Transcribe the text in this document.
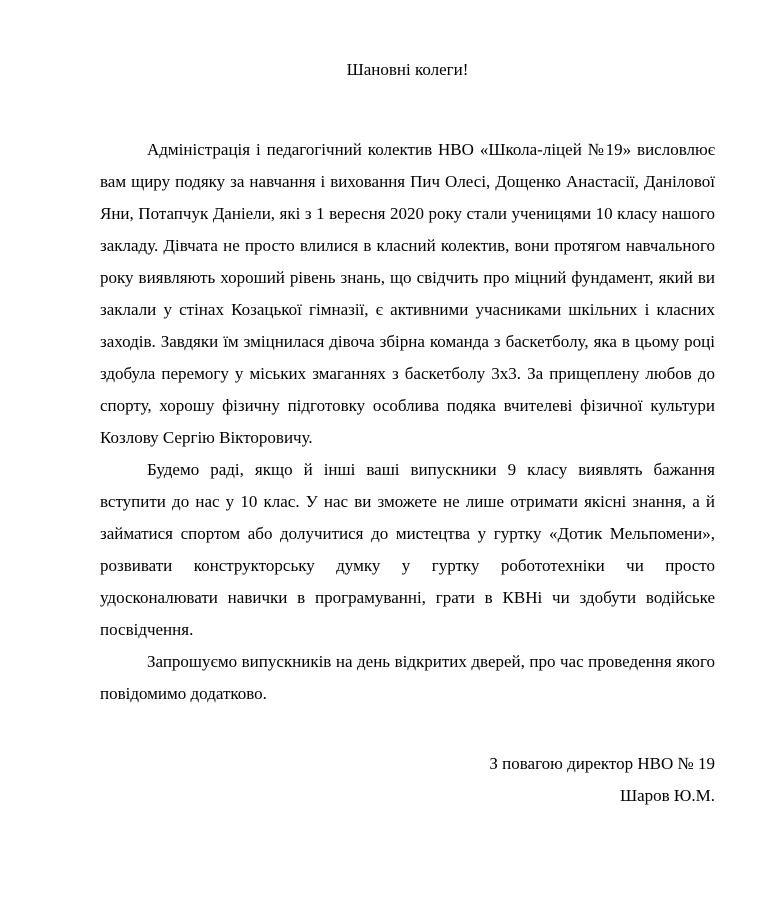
Шановні колеги!

Адміністрація і педагогічний колектив НВО «Школа-ліцей №19» висловлює вам щиру подяку за навчання і виховання Пич Олесі, Дощенко Анастасії, Данілової Яни, Потапчук Даніели, які з 1 вересня 2020 року стали ученицями 10 класу нашого закладу. Дівчата не просто влилися в класний колектив, вони протягом навчального року виявляють хороший рівень знань, що свідчить про міцний фундамент, який ви заклали у стінах Козацької гімназії, є активними учасниками шкільних і класних заходів. Завдяки їм зміцнилася дівоча збірна команда з баскетболу, яка в цьому році здобула перемогу у міських змаганнях з баскетболу 3х3. За прищеплену любов до спорту, хорошу фізичну підготовку особлива подяка вчителеві фізичної культури Козлову Сергію Вікторовичу.

Будемо раді, якщо й інші ваші випускники 9 класу виявлять бажання вступити до нас у 10 клас. У нас ви зможете не лише отримати якісні знання, а й займатися спортом або долучитися до мистецтва у гуртку «Дотик Мельпомени», розвивати конструкторську думку у гуртку робототехніки чи просто удосконалювати навички в програмуванні, грати в КВНі чи здобути водійське посвідчення.

Запрошуємо випускників на день відкритих дверей, про час проведення якого повідомимо додатково.

З повагою директор НВО № 19
Шаров Ю.М.
